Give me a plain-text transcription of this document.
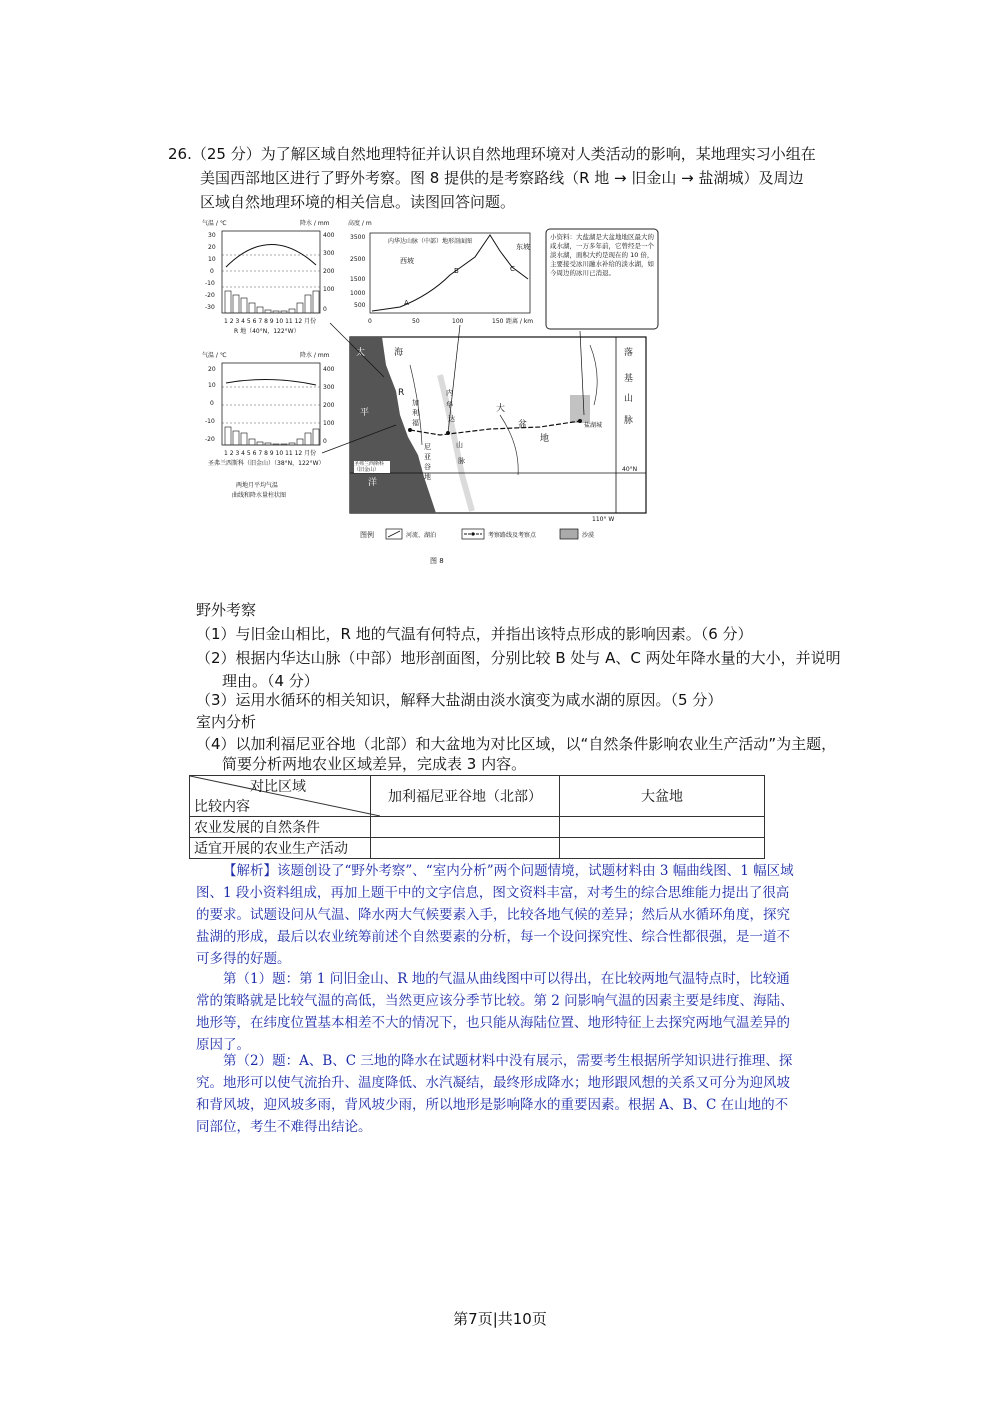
26.（25 分）为了解区域自然地理特征并认识自然地理环境对人类活动的影响，某地理实习小组在
美国西部地区进行了野外考察。图 8 提供的是考察路线（R 地 → 旧金山 → 盐湖城）及周边
区域自然地理环境的相关信息。读图回答问题。
气温 / ℃	降水 / mm
30
20
10
0
-10
-20
-30
400
300
200
100
0
1 2 3 4 5 6 7 8 9 10 11 12 月份
R 地（40°N，122°W）
气温 / ℃	降水 / mm
20
10
0
-10
-20
400
300
200
100
0
1 2 3 4 5 6 7 8 9 10 11 12 月份
圣弗兰西斯科（旧金山）（38°N，122°W）
两地月平均气温
曲线和降水量柱状图
高度 / m
内华达山脉（中部）地形剖面图
3500
2500
1500
1000
500
西坡
东坡
A
B	C
0	50	100	150 距离 / km
小资料：大盐湖是大盆地地区最大的咸水湖，一万多年前，它曾经是一个淡水湖，面积大约是现在的 10 倍，主要接受冰川融水补给的淡水湖，如今周边的冰川已消退。
太
平
洋
海
R
加
利
福
尼
亚
谷
地
内
华
达
山
脉
大
盆
地
落
基
山
脉
圣弗兰西斯科（旧金山）
盐湖城
40°N
110° W
图例	河流、湖泊	考察路线及考察点	沙漠
图 8
野外考察
（1）与旧金山相比，R 地的气温有何特点，并指出该特点形成的影响因素。（6 分）
（2）根据内华达山脉（中部）地形剖面图，分别比较 B 处与 A、C 两处年降水量的大小，并说明
理由。（4 分）
（3）运用水循环的相关知识，解释大盐湖由淡水演变为咸水湖的原因。（5 分）
室内分析
（4）以加利福尼亚谷地（北部）和大盆地为对比区域，以“自然条件影响农业生产活动”为主题，
简要分析两地农业区域差异，完成表 3 内容。
对比区域
比较内容	加利福尼亚谷地（北部）	大盆地
农业发展的自然条件		
适宜开展的农业生产活动		
【解析】该题创设了“野外考察”、“室内分析”两个问题情境，试题材料由 3 幅曲线图、1 幅区域图、1 段小资料组成，再加上题干中的文字信息，图文资料丰富，对考生的综合思维能力提出了很高的要求。试题设问从气温、降水两大气候要素入手，比较各地气候的差异；然后从水循环角度，探究盐湖的形成，最后以农业统筹前述个自然要素的分析，每一个设问探究性、综合性都很强，是一道不可多得的好题。
第（1）题：第 1 问旧金山、R 地的气温从曲线图中可以得出，在比较两地气温特点时，比较通常的策略就是比较气温的高低，当然更应该分季节比较。第 2 问影响气温的因素主要是纬度、海陆、地形等，在纬度位置基本相差不大的情况下，也只能从海陆位置、地形特征上去探究两地气温差异的原因了。
第（2）题：A、B、C 三地的降水在试题材料中没有展示，需要考生根据所学知识进行推理、探究。地形可以使气流抬升、温度降低、水汽凝结，最终形成降水；地形跟风想的关系又可分为迎风坡和背风坡，迎风坡多雨，背风坡少雨，所以地形是影响降水的重要因素。根据 A、B、C 在山地的不同部位，考生不难得出结论。
第7页|共10页
